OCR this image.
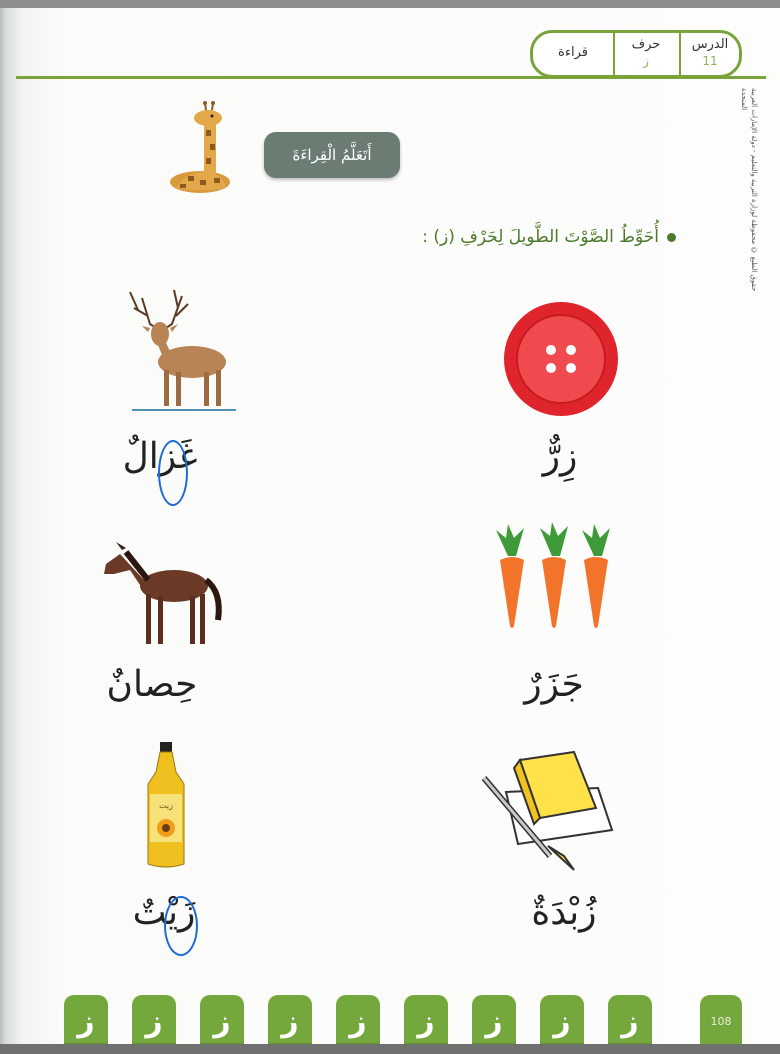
الدرس
11
حرف
ز
قراءة
حقوق الطبع © محفوظة لوزارة التربية والتعليم - دولة الإمارات العربية المتحدة
أَتَعَلَّمُ الْقِراءَةَ
أُحَوِّطُ الصَّوْتَ الطَّويلَ لِحَرْفِ (ز) :
زِرٌّ
غَزالٌ
جَزَرٌ
حِصانٌ
زُبْدَةٌ
زيت
زَيْتٌ
ز	ز	ز	ز	ز	ز	ز	ز	ز	108
